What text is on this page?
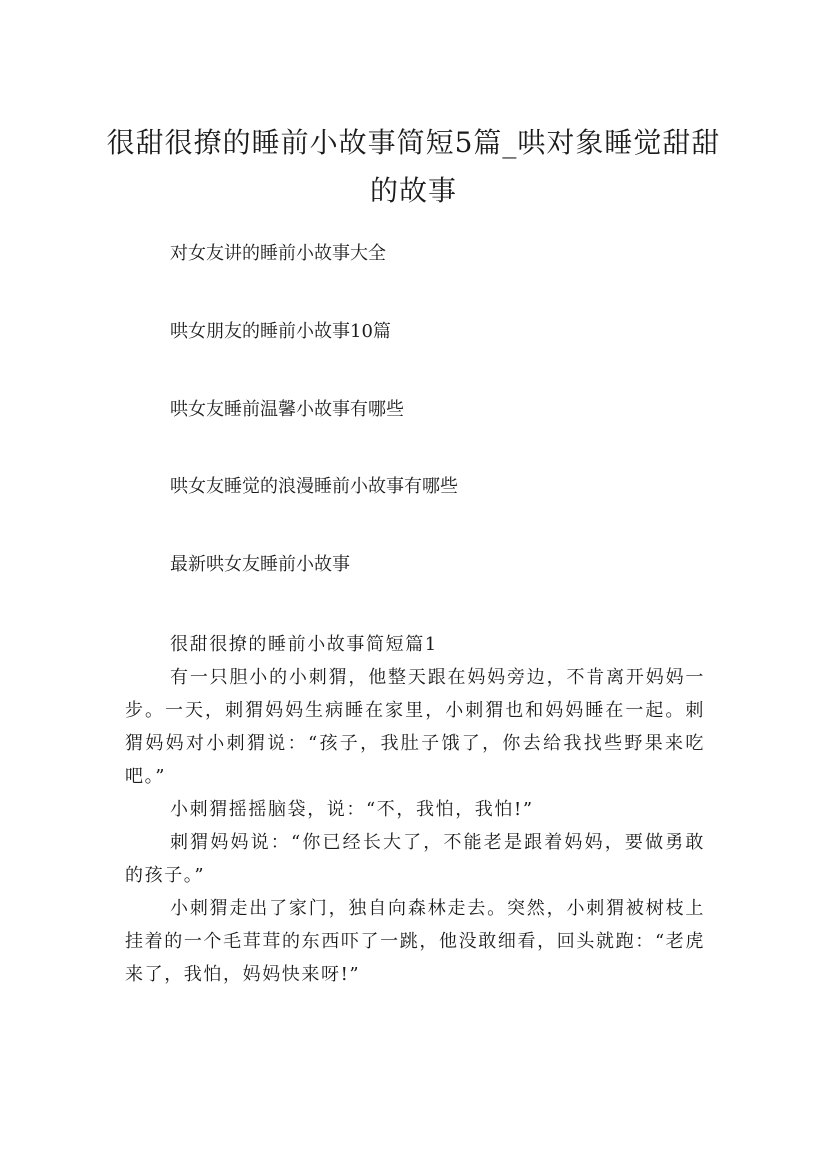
很甜很撩的睡前小故事简短5篇_哄对象睡觉甜甜的故事
对女友讲的睡前小故事大全
哄女朋友的睡前小故事10篇
哄女友睡前温馨小故事有哪些
哄女友睡觉的浪漫睡前小故事有哪些
最新哄女友睡前小故事

很甜很撩的睡前小故事简短篇1

有一只胆小的小刺猬，他整天跟在妈妈旁边，不肯离开妈妈一步。一天，刺猬妈妈生病睡在家里，小刺猬也和妈妈睡在一起。刺猬妈妈对小刺猬说：“孩子，我肚子饿了，你去给我找些野果来吃吧。”

小刺猬摇摇脑袋，说：“不，我怕，我怕!”

刺猬妈妈说：“你已经长大了，不能老是跟着妈妈，要做勇敢的孩子。”

小刺猬走出了家门，独自向森林走去。突然，小刺猬被树枝上挂着的一个毛茸茸的东西吓了一跳，他没敢细看，回头就跑：“老虎来了，我怕，妈妈快来呀!”
